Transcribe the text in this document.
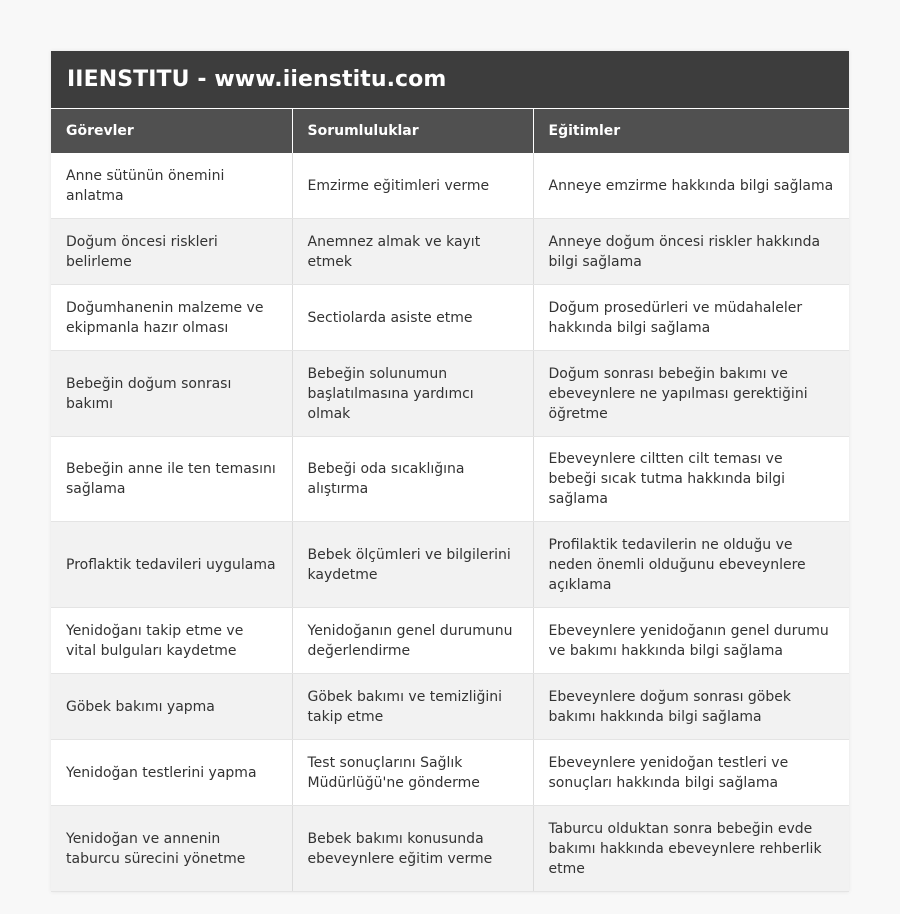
IIENSTITU - www.iienstitu.com
Görevler	Sorumluluklar	Eğitimler
Anne sütünün önemini anlatma	Emzirme eğitimleri verme	Anneye emzirme hakkında bilgi sağlama
Doğum öncesi riskleri belirleme	Anemnez almak ve kayıt etmek	Anneye doğum öncesi riskler hakkında bilgi sağlama
Doğumhanenin malzeme ve ekipmanla hazır olması	Sectiolarda asiste etme	Doğum prosedürleri ve müdahaleler hakkında bilgi sağlama
Bebeğin doğum sonrası bakımı	Bebeğin solunumun başlatılmasına yardımcı olmak	Doğum sonrası bebeğin bakımı ve ebeveynlere ne yapılması gerektiğini öğretme
Bebeğin anne ile ten temasını sağlama	Bebeği oda sıcaklığına alıştırma	Ebeveynlere ciltten cilt teması ve bebeği sıcak tutma hakkında bilgi sağlama
Proflaktik tedavileri uygulama	Bebek ölçümleri ve bilgilerini kaydetme	Profilaktik tedavilerin ne olduğu ve neden önemli olduğunu ebeveynlere açıklama
Yenidoğanı takip etme ve vital bulguları kaydetme	Yenidoğanın genel durumunu değerlendirme	Ebeveynlere yenidoğanın genel durumu ve bakımı hakkında bilgi sağlama
Göbek bakımı yapma	Göbek bakımı ve temizliğini takip etme	Ebeveynlere doğum sonrası göbek bakımı hakkında bilgi sağlama
Yenidoğan testlerini yapma	Test sonuçlarını Sağlık Müdürlüğü'ne gönderme	Ebeveynlere yenidoğan testleri ve sonuçları hakkında bilgi sağlama
Yenidoğan ve annenin taburcu sürecini yönetme	Bebek bakımı konusunda ebeveynlere eğitim verme	Taburcu olduktan sonra bebeğin evde bakımı hakkında ebeveynlere rehberlik etme
